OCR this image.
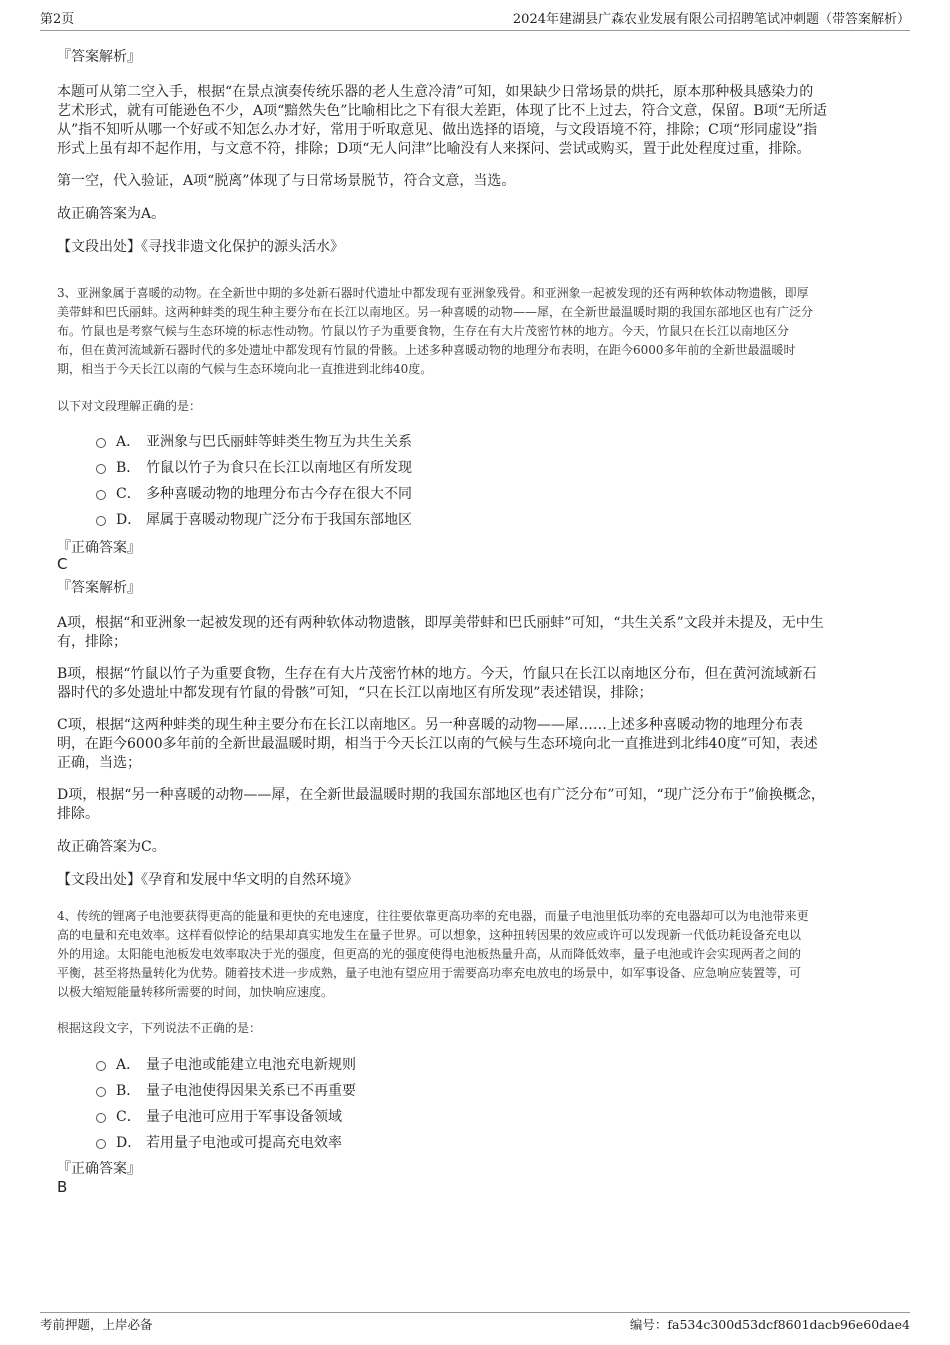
第2页	2024年建湖县广森农业发展有限公司招聘笔试冲刺题（带答案解析）
『答案解析』
本题可从第二空入手，根据“在景点演奏传统乐器的老人生意冷清”可知，如果缺少日常场景的烘托，原本那种极具感染力的
艺术形式，就有可能逊色不少，A项“黯然失色”比喻相比之下有很大差距，体现了比不上过去，符合文意，保留。B项“无所适
从”指不知听从哪一个好或不知怎么办才好，常用于听取意见、做出选择的语境，与文段语境不符，排除；C项“形同虚设”指
形式上虽有却不起作用，与文意不符，排除；D项“无人问津”比喻没有人来探问、尝试或购买，置于此处程度过重，排除。
第一空，代入验证，A项“脱离”体现了与日常场景脱节，符合文意，当选。
故正确答案为A。
【文段出处】《寻找非遗文化保护的源头活水》
3、亚洲象属于喜暖的动物。在全新世中期的多处新石器时代遗址中都发现有亚洲象残骨。和亚洲象一起被发现的还有两种软体动物遗骸，即厚
美带蚌和巴氏丽蚌。这两种蚌类的现生种主要分布在长江以南地区。另一种喜暖的动物——犀，在全新世最温暖时期的我国东部地区也有广泛分
布。竹鼠也是考察气候与生态环境的标志性动物。竹鼠以竹子为重要食物，生存在有大片茂密竹林的地方。今天，竹鼠只在长江以南地区分
布，但在黄河流域新石器时代的多处遗址中都发现有竹鼠的骨骸。上述多种喜暖动物的地理分布表明，在距今6000多年前的全新世最温暖时
期，相当于今天长江以南的气候与生态环境向北一直推进到北纬40度。
以下对文段理解正确的是：
A． 亚洲象与巴氏丽蚌等蚌类生物互为共生关系
B． 竹鼠以竹子为食只在长江以南地区有所发现
C． 多种喜暖动物的地理分布古今存在很大不同
D． 犀属于喜暖动物现广泛分布于我国东部地区
『正确答案』
C
『答案解析』
A项，根据“和亚洲象一起被发现的还有两种软体动物遗骸，即厚美带蚌和巴氏丽蚌”可知，“共生关系”文段并未提及，无中生
有，排除；
B项，根据“竹鼠以竹子为重要食物，生存在有大片茂密竹林的地方。今天，竹鼠只在长江以南地区分布，但在黄河流域新石
器时代的多处遗址中都发现有竹鼠的骨骸”可知，“只在长江以南地区有所发现”表述错误，排除；
C项，根据“这两种蚌类的现生种主要分布在长江以南地区。另一种喜暖的动物——犀……上述多种喜暖动物的地理分布表
明，在距今6000多年前的全新世最温暖时期，相当于今天长江以南的气候与生态环境向北一直推进到北纬40度”可知，表述
正确，当选；
D项，根据“另一种喜暖的动物——犀，在全新世最温暖时期的我国东部地区也有广泛分布”可知，“现广泛分布于”偷换概念，
排除。
故正确答案为C。
【文段出处】《孕育和发展中华文明的自然环境》
4、传统的锂离子电池要获得更高的能量和更快的充电速度，往往要依靠更高功率的充电器，而量子电池里低功率的充电器却可以为电池带来更
高的电量和充电效率。这样看似悖论的结果却真实地发生在量子世界。可以想象，这种扭转因果的效应或许可以发现新一代低功耗设备充电以
外的用途。太阳能电池板发电效率取决于光的强度，但更高的光的强度使得电池板热量升高，从而降低效率，量子电池或许会实现两者之间的
平衡，甚至将热量转化为优势。随着技术进一步成熟，量子电池有望应用于需要高功率充电放电的场景中，如军事设备、应急响应装置等，可
以极大缩短能量转移所需要的时间，加快响应速度。
根据这段文字，下列说法不正确的是：
A． 量子电池或能建立电池充电新规则
B． 量子电池使得因果关系已不再重要
C． 量子电池可应用于军事设备领域
D． 若用量子电池或可提高充电效率
『正确答案』
B
考前押题，上岸必备	编号：fa534c300d53dcf8601dacb96e60dae4
